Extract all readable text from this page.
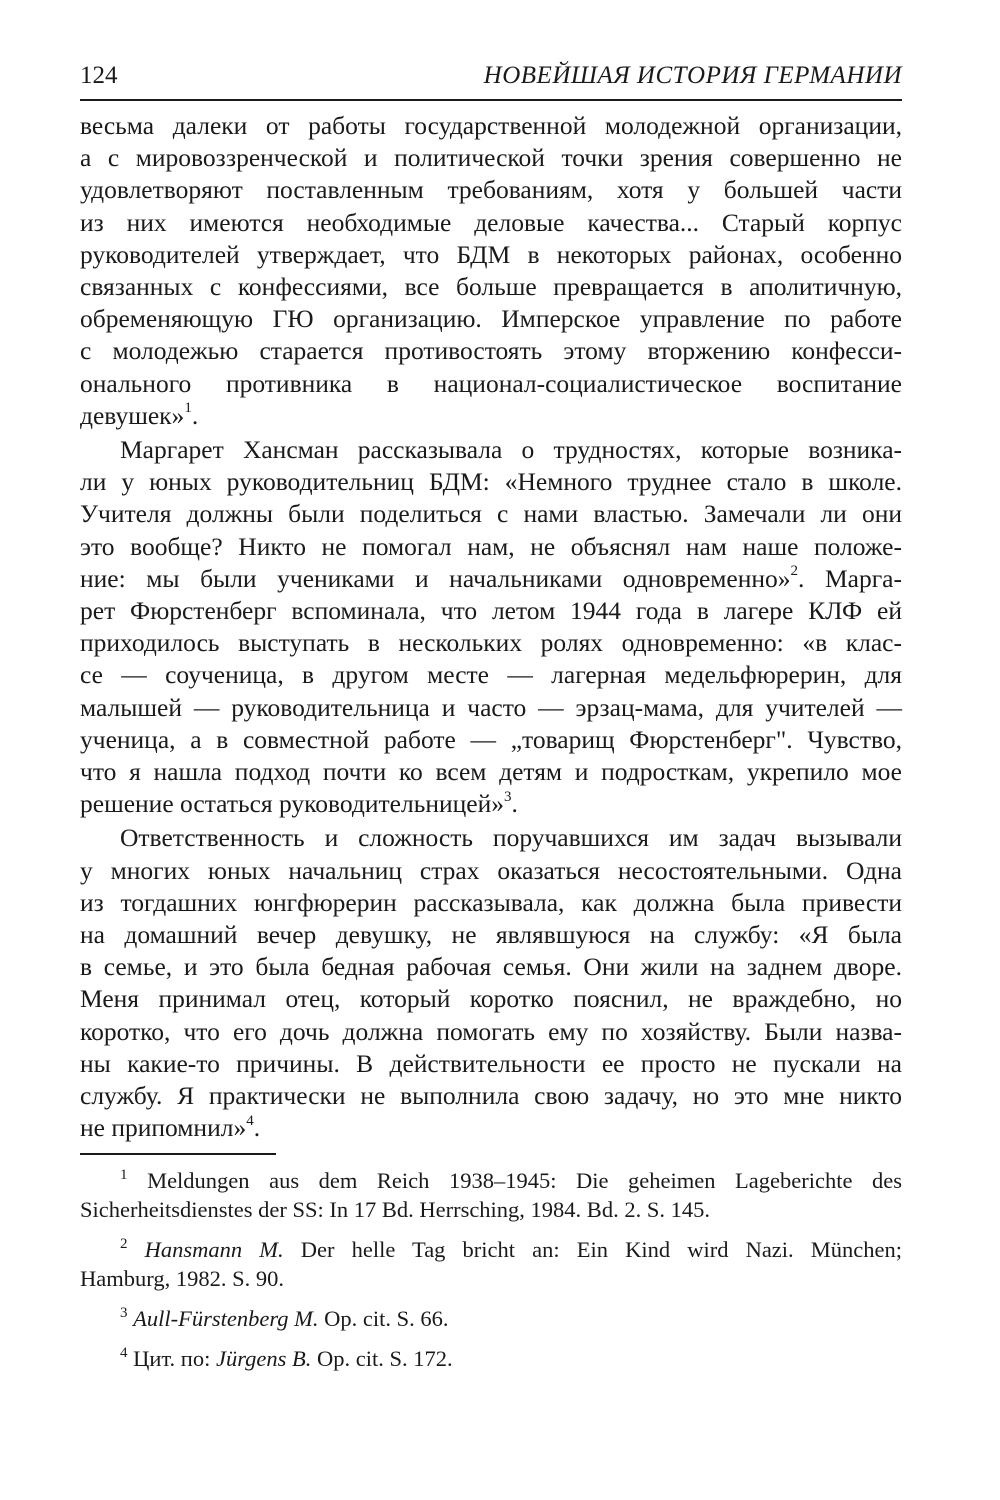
124	НОВЕЙШАЯ ИСТОРИЯ ГЕРМАНИИ

весьма далеки от работы государственной молодежной организации,
а с мировоззренческой и политической точки зрения совершенно не
удовлетворяют поставленным требованиям, хотя у большей части
из них имеются необходимые деловые качества... Старый корпус
руководителей утверждает, что БДМ в некоторых районах, особенно
связанных с конфессиями, все больше превращается в аполитичную,
обременяющую ГЮ организацию. Имперское управление по работе
с молодежью старается противостоять этому вторжению конфесси-
онального противника в национал-социалистическое воспитание
девушек»$^1$.

Маргарет Хансман рассказывала о трудностях, которые возника-
ли у юных руководительниц БДМ: «Немного труднее стало в школе.
Учителя должны были поделиться с нами властью. Замечали ли они
это вообще? Никто не помогал нам, не объяснял нам наше положе-
ние: мы были учениками и начальниками одновременно»$^2$. Марга-
рет Фюрстенберг вспоминала, что летом 1944 года в лагере КЛФ ей
приходилось выступать в нескольких ролях одновременно: «в клас-
се — соученица, в другом месте — лагерная медельфюрерин, для
малышей — руководительница и часто — эрзац-мама, для учителей —
ученица, а в совместной работе — „товарищ Фюрстенберг". Чувство,
что я нашла подход почти ко всем детям и подросткам, укрепило мое
решение остаться руководительницей»$^3$.

Ответственность и сложность поручавшихся им задач вызывали
у многих юных начальниц страх оказаться несостоятельными. Одна
из тогдашних юнгфюрерин рассказывала, как должна была привести
на домашний вечер девушку, не являвшуюся на службу: «Я была
в семье, и это была бедная рабочая семья. Они жили на заднем дворе.
Меня принимал отец, который коротко пояснил, не враждебно, но
коротко, что его дочь должна помогать ему по хозяйству. Были назва-
ны какие-то причины. В действительности ее просто не пускали на
службу. Я практически не выполнила свою задачу, но это мне никто
не припомнил»$^4$.

$^1$ Meldungen aus dem Reich 1938–1945: Die geheimen Lageberichte des
Sicherheitsdienstes der SS: In 17 Bd. Herrsching, 1984. Bd. 2. S. 145.
$^2$ Hansmann M. Der helle Tag bricht an: Ein Kind wird Nazi. München;
Hamburg, 1982. S. 90.
$^3$ Aull-Fürstenberg M. Op. cit. S. 66.
$^4$ Цит. по: Jürgens B. Op. cit. S. 172.
